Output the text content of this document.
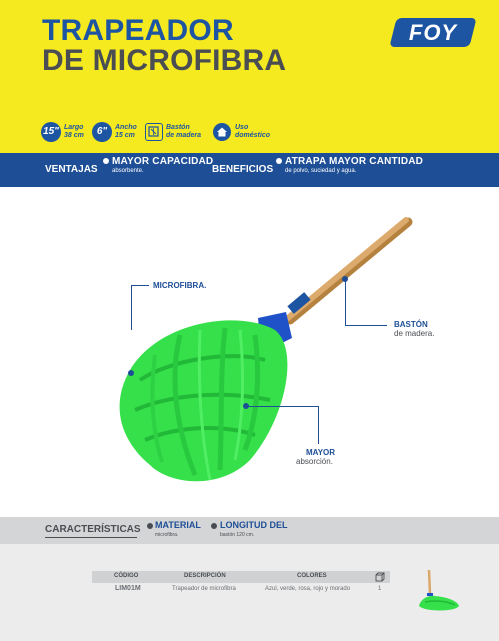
TRAPEADOR
DE MICROFIBRA
FOY
15" Largo
38 cm	6"	Ancho
15 cm
Bastón
de madera
Uso
doméstico
VENTAJAS
MAYOR CAPACIDAD
absorbente.	BENEFICIOS
ATRAPA MAYOR CANTIDAD
de polvo, suciedad y agua.
MICROFIBRA.
BASTÓN
de madera.
MAYOR
absorción.
CARACTERÍSTICAS MATERIAL
microfibra.
LONGITUD DEL
bastón 120 cm.
CÓDIGO	DESCRIPCIÓN	COLORES
LIM01M	Trapeador de microfibra	Azul, verde, rosa, rojo y morado	1
